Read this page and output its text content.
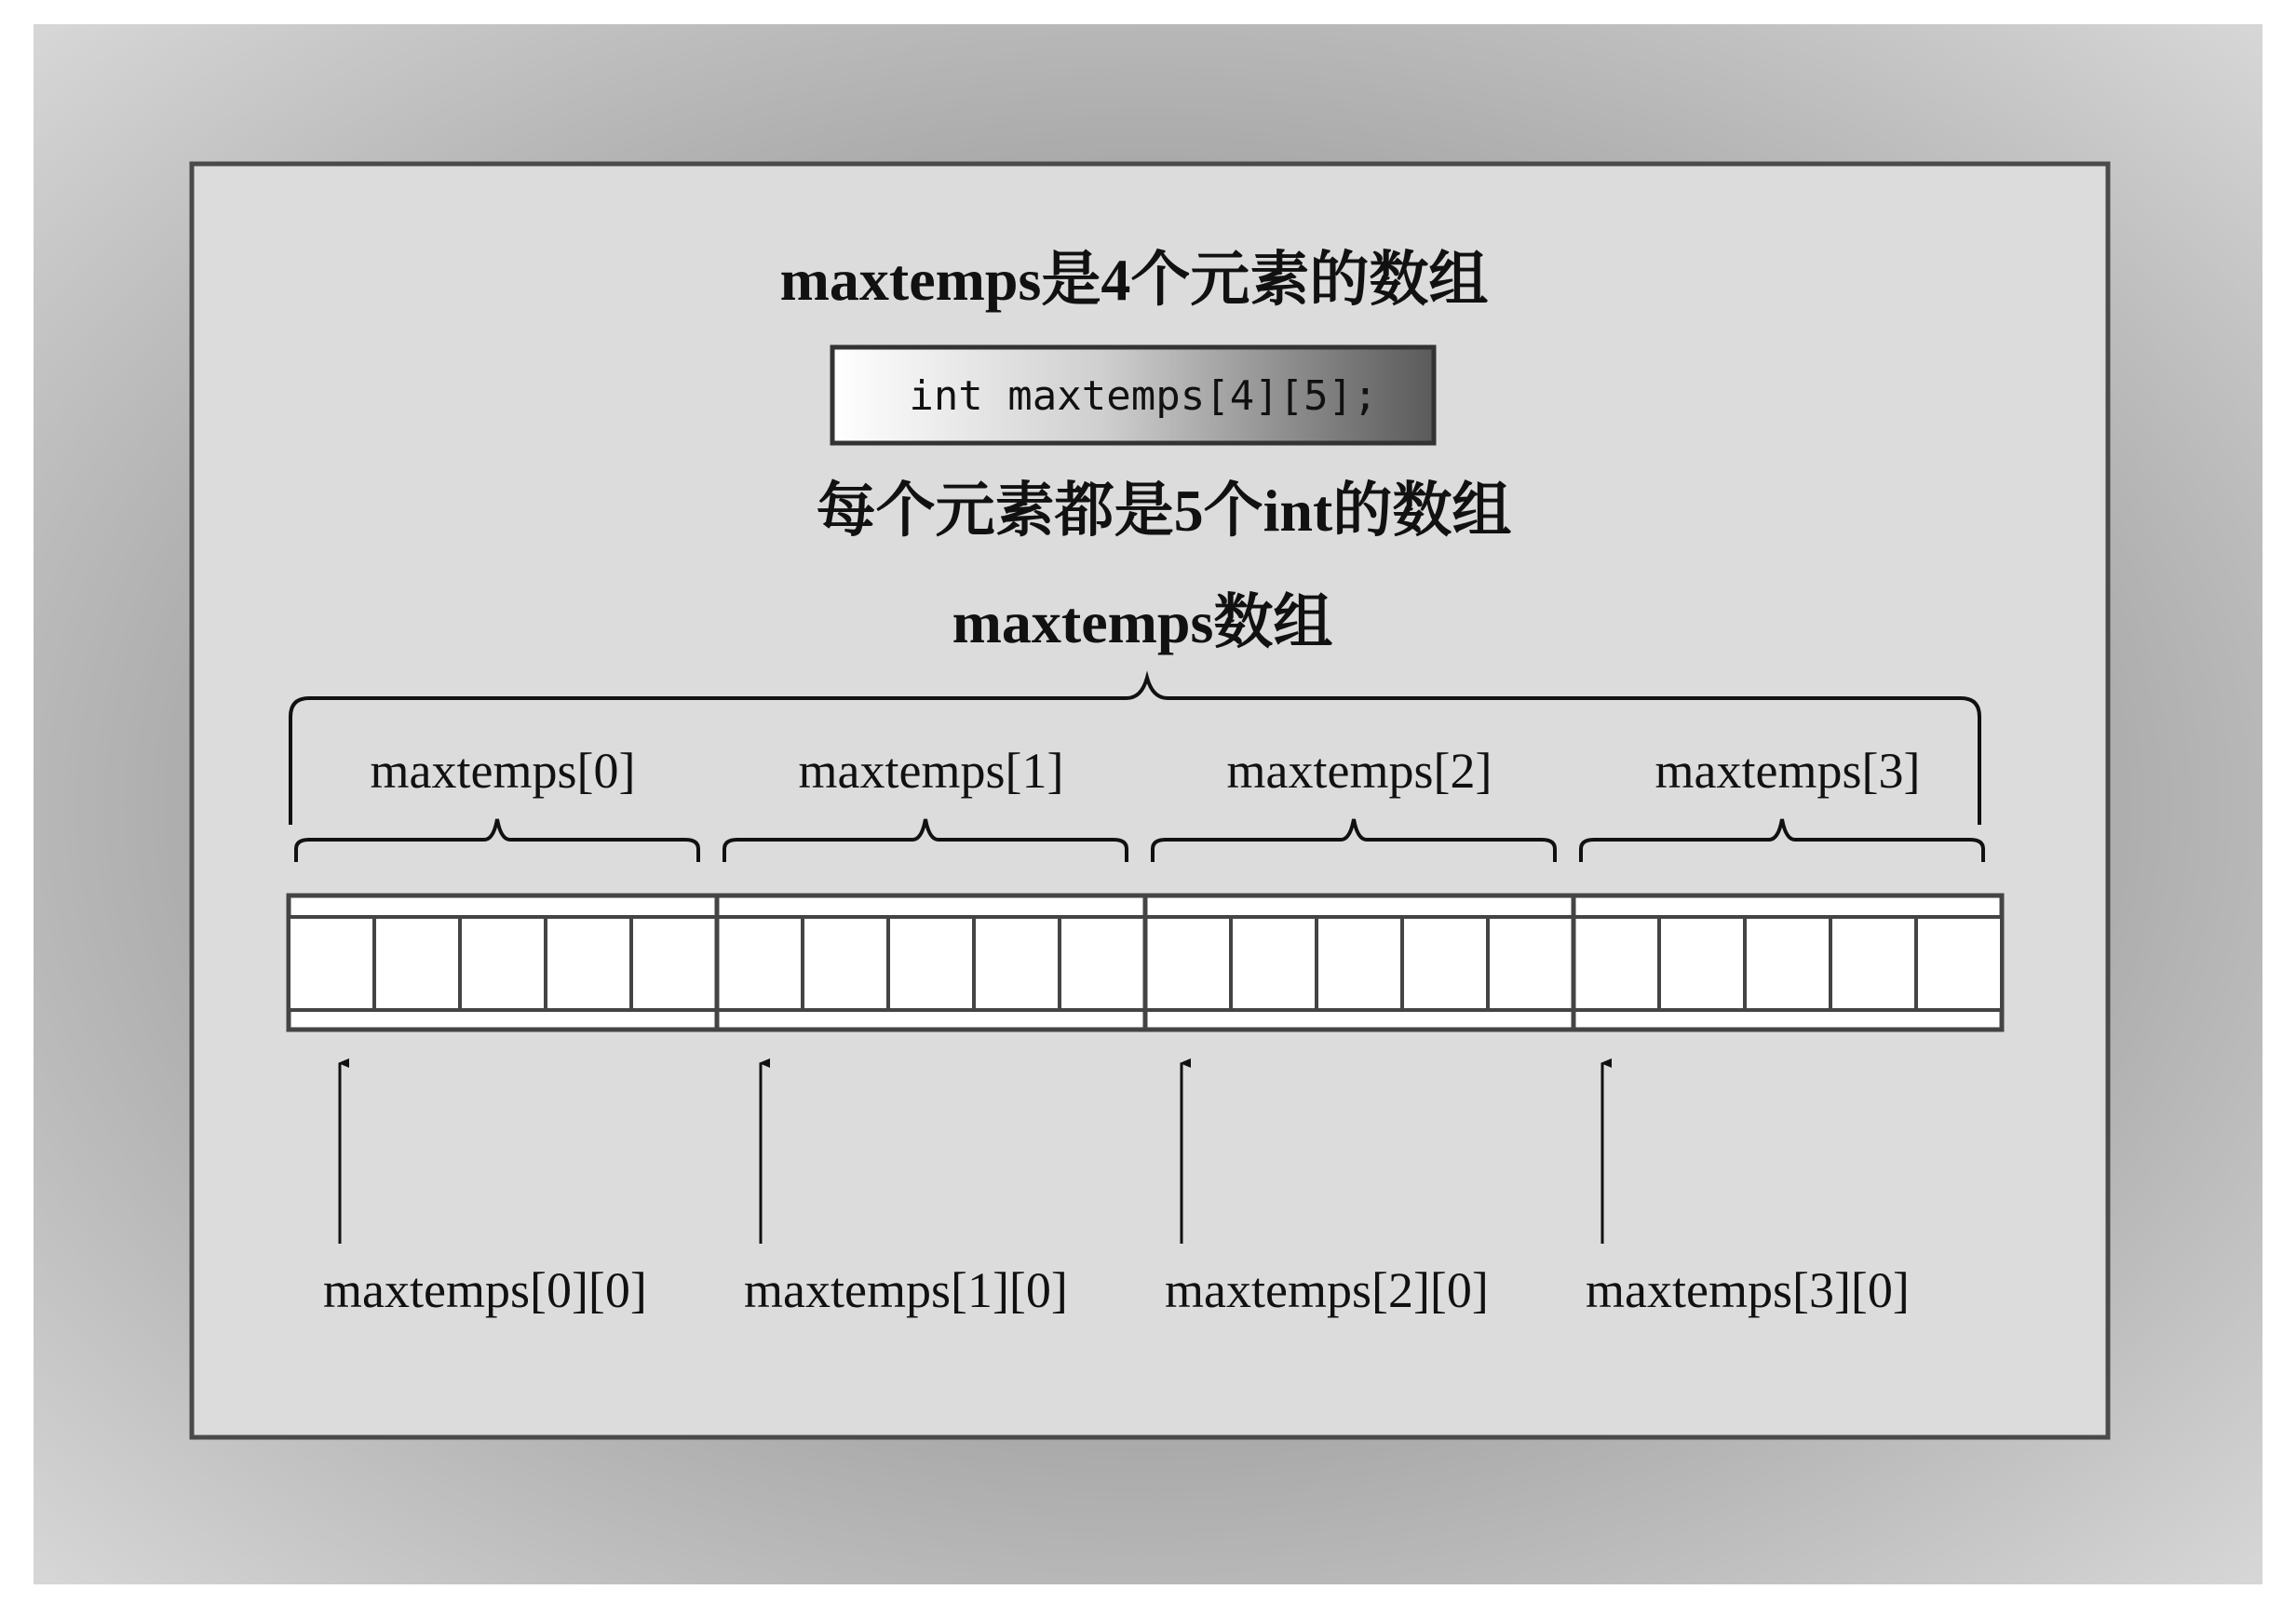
maxtemps是4个元素的数组
int maxtemps[4][5];
每个元素都是5个int的数组
maxtemps数组
maxtemps[0]	maxtemps[1]	maxtemps[2]	maxtemps[3]
maxtemps[0][0] maxtemps[1][0] maxtemps[2][0] maxtemps[3][0]
